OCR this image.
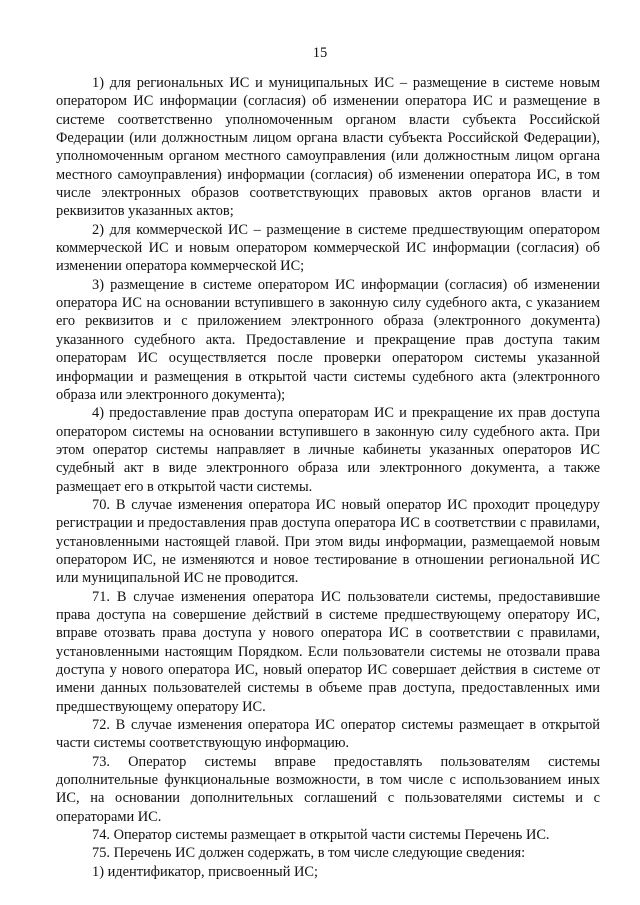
15

1) для региональных ИС и муниципальных ИС – размещение в системе новым оператором ИС информации (согласия) об изменении оператора ИС и размещение в системе соответственно уполномоченным органом власти субъекта Российской Федерации (или должностным лицом органа власти субъекта Российской Федерации), уполномоченным органом местного самоуправления (или должностным лицом органа местного самоуправления) информации (согласия) об изменении оператора ИС, в том числе электронных образов соответствующих правовых актов органов власти и реквизитов указанных актов;

2) для коммерческой ИС – размещение в системе предшествующим оператором коммерческой ИС и новым оператором коммерческой ИС информации (согласия) об изменении оператора коммерческой ИС;

3) размещение в системе оператором ИС информации (согласия) об изменении оператора ИС на основании вступившего в законную силу судебного акта, с указанием его реквизитов и с приложением электронного образа (электронного документа) указанного судебного акта. Предоставление и прекращение прав доступа таким операторам ИС осуществляется после проверки оператором системы указанной информации и размещения в открытой части системы судебного акта (электронного образа или электронного документа);

4) предоставление прав доступа операторам ИС и прекращение их прав доступа оператором системы на основании вступившего в законную силу судебного акта. При этом оператор системы направляет в личные кабинеты указанных операторов ИС судебный акт в виде электронного образа или электронного документа, а также размещает его в открытой части системы.

70. В случае изменения оператора ИС новый оператор ИС проходит процедуру регистрации и предоставления прав доступа оператора ИС в соответствии с правилами, установленными настоящей главой. При этом виды информации, размещаемой новым оператором ИС, не изменяются и новое тестирование в отношении региональной ИС или муниципальной ИС не проводится.

71. В случае изменения оператора ИС пользователи системы, предоставившие права доступа на совершение действий в системе предшествующему оператору ИС, вправе отозвать права доступа у нового оператора ИС в соответствии с правилами, установленными настоящим Порядком. Если пользователи системы не отозвали права доступа у нового оператора ИС, новый оператор ИС совершает действия в системе от имени данных пользователей системы в объеме прав доступа, предоставленных ими предшествующему оператору ИС.

72. В случае изменения оператора ИС оператор системы размещает в открытой части системы соответствующую информацию.

73. Оператор системы вправе предоставлять пользователям системы дополнительные функциональные возможности, в том числе с использованием иных ИС, на основании дополнительных соглашений с пользователями системы и с операторами ИС.

74. Оператор системы размещает в открытой части системы Перечень ИС.

75. Перечень ИС должен содержать, в том числе следующие сведения:

1) идентификатор, присвоенный ИС;
